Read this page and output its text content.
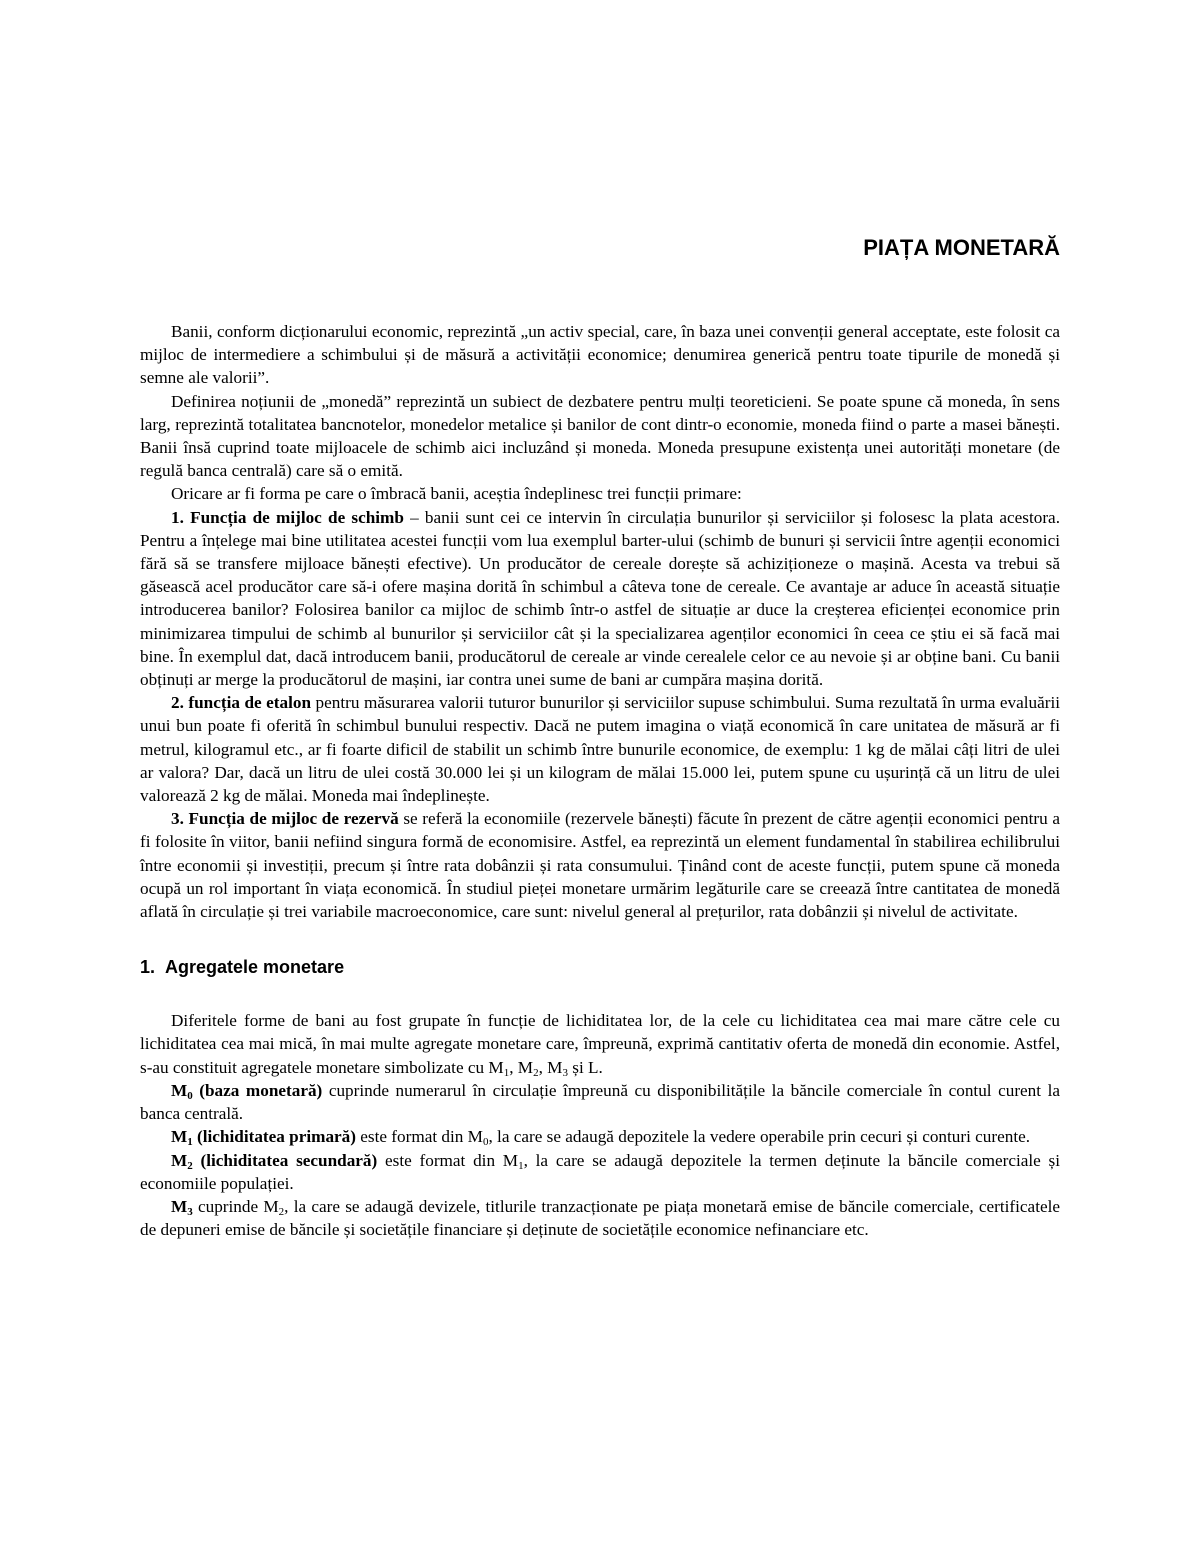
PIAȚA MONETARĂ

Banii, conform dicționarului economic, reprezintă „un activ special, care, în baza unei convenții general acceptate, este folosit ca mijloc de intermediere a schimbului și de măsură a activității economice; denumirea generică pentru toate tipurile de monedă și semne ale valorii”.

Definirea noțiunii de „monedă” reprezintă un subiect de dezbatere pentru mulți teoreticieni. Se poate spune că moneda, în sens larg, reprezintă totalitatea bancnotelor, monedelor metalice și banilor de cont dintr-o economie, moneda fiind o parte a masei bănești. Banii însă cuprind toate mijloacele de schimb aici incluzând și moneda. Moneda presupune existența unei autorități monetare (de regulă banca centrală) care să o emită.

Oricare ar fi forma pe care o îmbracă banii, aceștia îndeplinesc trei funcții primare:

1. Funcția de mijloc de schimb – banii sunt cei ce intervin în circulația bunurilor și serviciilor și folosesc la plata acestora. Pentru a înțelege mai bine utilitatea acestei funcții vom lua exemplul barter-ului (schimb de bunuri și servicii între agenții economici fără să se transfere mijloace bănești efective). Un producător de cereale dorește să achiziționeze o mașină. Acesta va trebui să găsească acel producător care să-i ofere mașina dorită în schimbul a câteva tone de cereale. Ce avantaje ar aduce în această situație introducerea banilor? Folosirea banilor ca mijloc de schimb într-o astfel de situație ar duce la creșterea eficienței economice prin minimizarea timpului de schimb al bunurilor și serviciilor cât și la specializarea agenților economici în ceea ce știu ei să facă mai bine. În exemplul dat, dacă introducem banii, producătorul de cereale ar vinde cerealele celor ce au nevoie și ar obține bani. Cu banii obținuți ar merge la producătorul de mașini, iar contra unei sume de bani ar cumpăra mașina dorită.

2. funcția de etalon pentru măsurarea valorii tuturor bunurilor și serviciilor supuse schimbului. Suma rezultată în urma evaluării unui bun poate fi oferită în schimbul bunului respectiv. Dacă ne putem imagina o viață economică în care unitatea de măsură ar fi metrul, kilogramul etc., ar fi foarte dificil de stabilit un schimb între bunurile economice, de exemplu: 1 kg de mălai câți litri de ulei ar valora? Dar, dacă un litru de ulei costă 30.000 lei și un kilogram de mălai 15.000 lei, putem spune cu ușurință că un litru de ulei valorează 2 kg de mălai. Moneda mai îndeplinește.

3. Funcția de mijloc de rezervă se referă la economiile (rezervele bănești) făcute în prezent de către agenții economici pentru a fi folosite în viitor, banii nefiind singura formă de economisire. Astfel, ea reprezintă un element fundamental în stabilirea echilibrului între economii și investiții, precum și între rata dobânzii și rata consumului. Ținând cont de aceste funcții, putem spune că moneda ocupă un rol important în viața economică. În studiul pieței monetare urmărim legăturile care se creează între cantitatea de monedă aflată în circulație și trei variabile macroeconomice, care sunt: nivelul general al prețurilor, rata dobânzii și nivelul de activitate.

1. Agregatele monetare

Diferitele forme de bani au fost grupate în funcție de lichiditatea lor, de la cele cu lichiditatea cea mai mare către cele cu lichiditatea cea mai mică, în mai multe agregate monetare care, împreună, exprimă cantitativ oferta de monedă din economie. Astfel, s-au constituit agregatele monetare simbolizate cu $M_1$, $M_2$, $M_3$ și L.

$M_0$ (baza monetară) cuprinde numerarul în circulație împreună cu disponibilitățile la băncile comerciale în contul curent la banca centrală.

$M_1$ (lichiditatea primară) este format din $M_0$, la care se adaugă depozitele la vedere operabile prin cecuri și conturi curente.

$M_2$ (lichiditatea secundară) este format din $M_1$, la care se adaugă depozitele la termen deținute la băncile comerciale și economiile populației.

$M_3$ cuprinde $M_2$, la care se adaugă devizele, titlurile tranzacționate pe piața monetară emise de băncile comerciale, certificatele de depuneri emise de băncile și societățile financiare și deținute de societățile economice nefinanciare etc.
